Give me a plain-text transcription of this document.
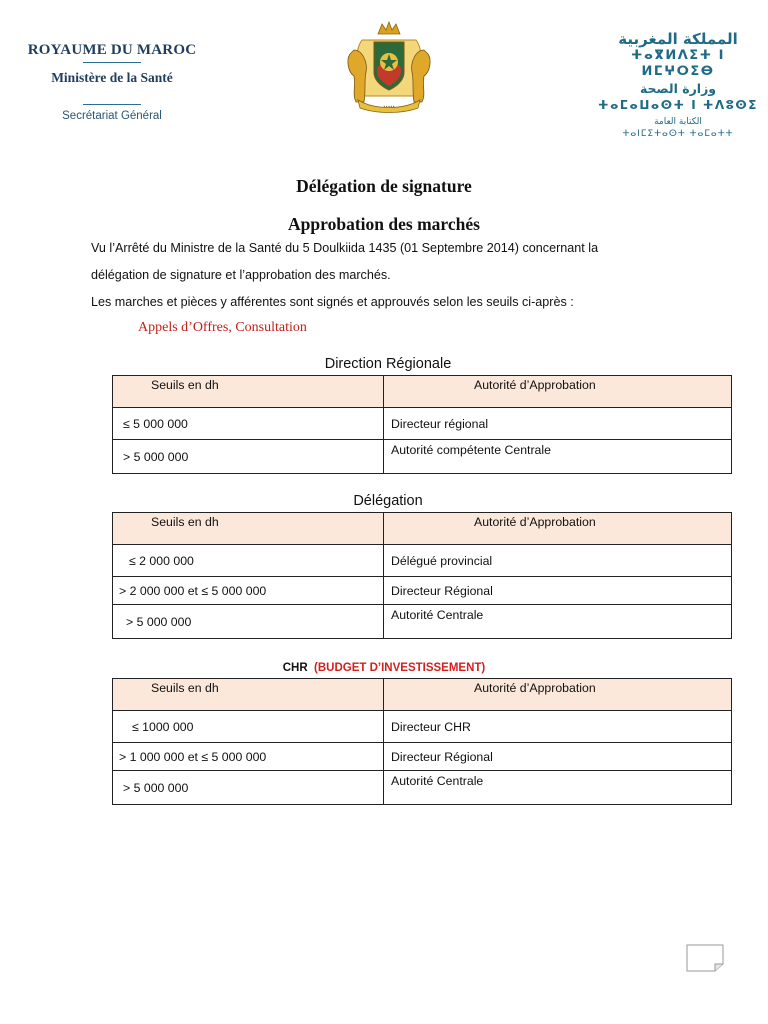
ROYAUME DU MAROC
Ministère de la Santé
Secrétariat Général
•••••
المملكة المغربية
ⵜⴰⴳⵍⴷⵉⵜ ⵏ ⵍⵎⵖⵔⵉⴱ
وزارة الصحة
ⵜⴰⵎⴰⵡⴰⵙⵜ ⵏ ⵜⴷⵓⵙⵉ
الكتابة العامة
ⵜⴰⵏⵎⵉⵜⴰⵙⵜ ⵜⴰⵎⴰⵜⵜ
Délégation de signature
Approbation des marchés
Vu l’Arrêté du Ministre de la Santé du 5 Doulkiida 1435 (01 Septembre 2014) concernant la
délégation de signature et l’approbation des marchés.
Les marches et pièces y afférentes sont signés et approuvés selon les seuils ci-après :
Appels d’Offres, Consultation
Direction Régionale
Seuils en dh	Autorité d’Approbation

≤ 5 000 000	Directeur régional

> 5 000 000	Autorité compétente Centrale
Délégation
Seuils en dh	Autorité d’Approbation

≤ 2 000 000	Délégué provincial

> 2 000 000 et ≤ 5 000 000	Directeur Régional

> 5 000 000	Autorité Centrale
CHR (BUDGET D’INVESTISSEMENT)
Seuils en dh	Autorité d’Approbation

≤ 1000 000	Directeur CHR

> 1 000 000 et ≤ 5 000 000	Directeur Régional

> 5 000 000	Autorité Centrale
